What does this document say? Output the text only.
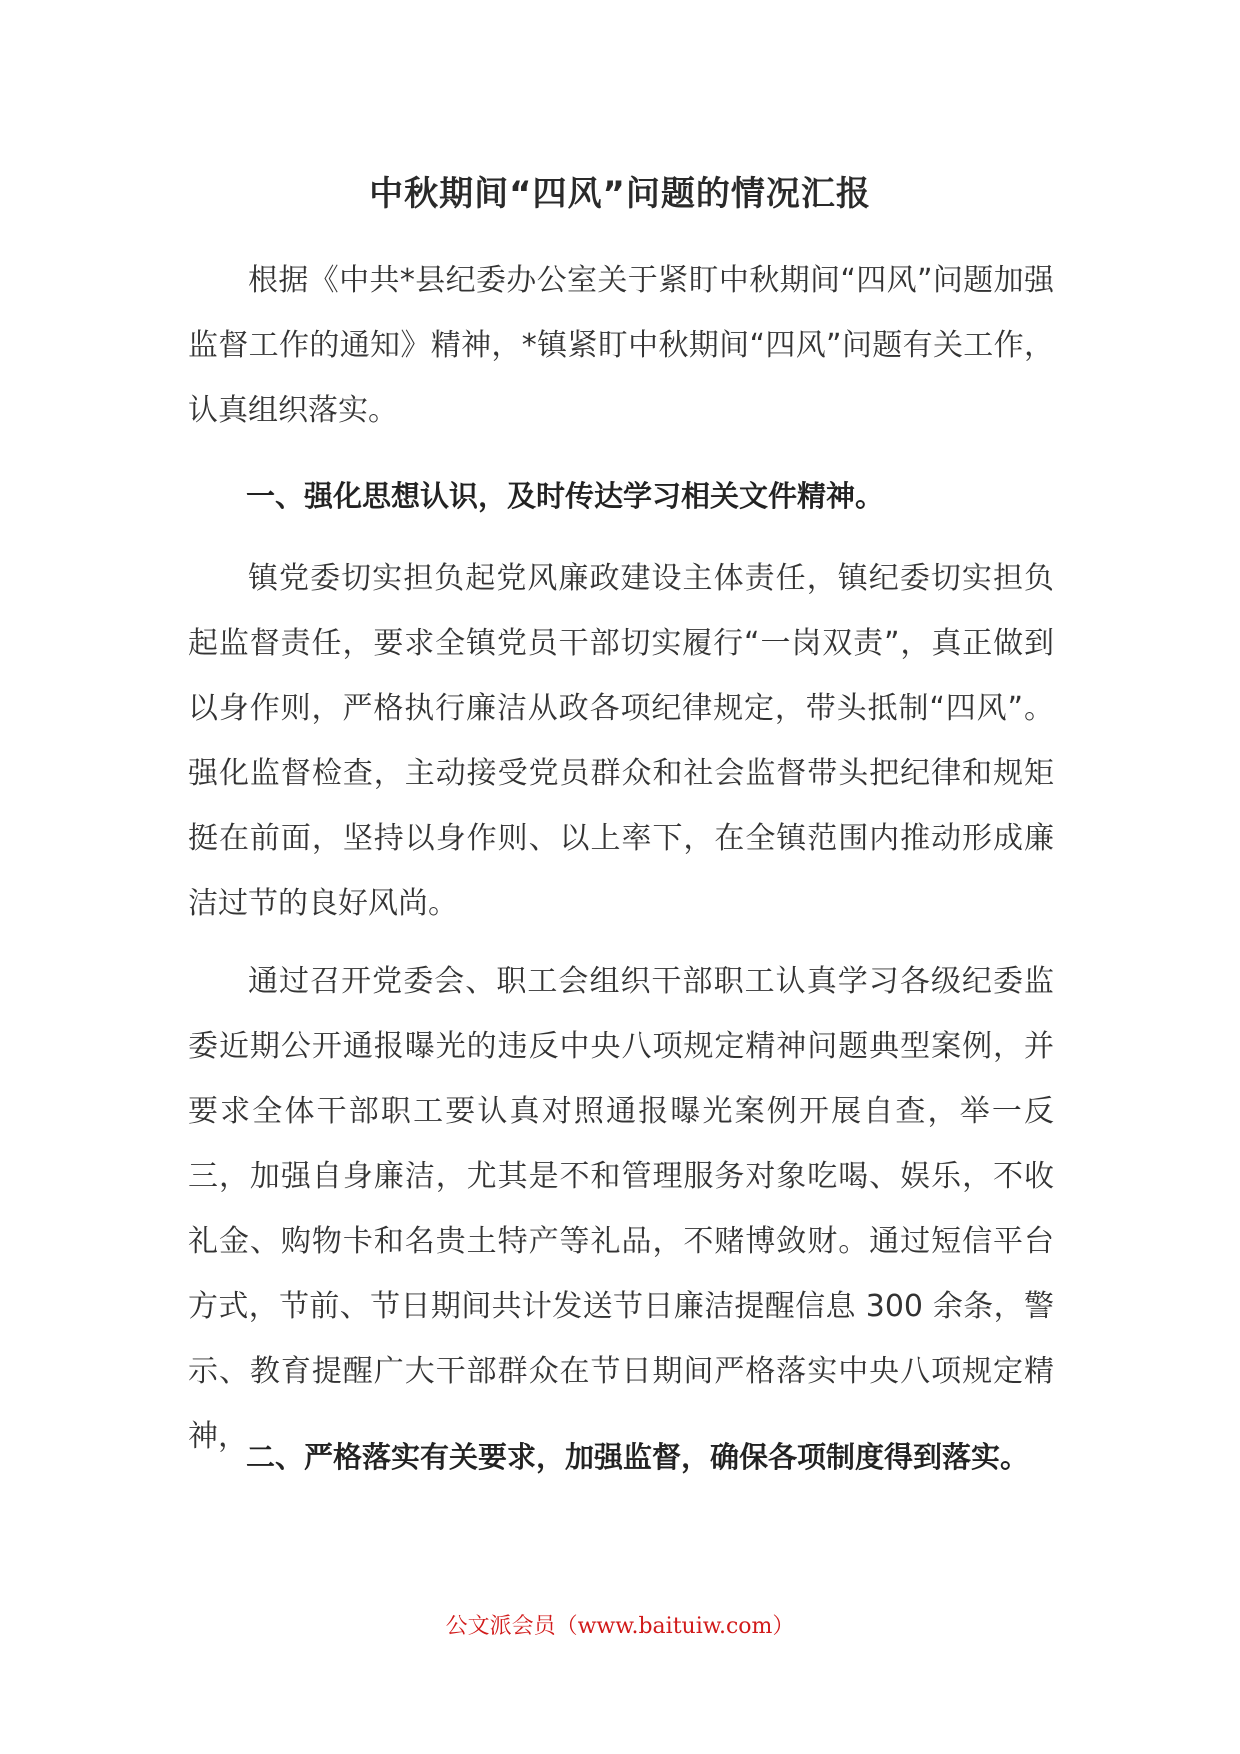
中秋期间“四风”问题的情况汇报

根据《中共*县纪委办公室关于紧盯中秋期间“四风”问题加强监督工作的通知》精神，*镇紧盯中秋期间“四风”问题有关工作，认真组织落实。

一、强化思想认识，及时传达学习相关文件精神。

镇党委切实担负起党风廉政建设主体责任，镇纪委切实担负起监督责任，要求全镇党员干部切实履行“一岗双责”，真正做到以身作则，严格执行廉洁从政各项纪律规定，带头抵制“四风”。强化监督检查，主动接受党员群众和社会监督带头把纪律和规矩挺在前面，坚持以身作则、以上率下，在全镇范围内推动形成廉洁过节的良好风尚。

通过召开党委会、职工会组织干部职工认真学习各级纪委监委近期公开通报曝光的违反中央八项规定精神问题典型案例，并要求全体干部职工要认真对照通报曝光案例开展自查，举一反三，加强自身廉洁，尤其是不和管理服务对象吃喝、娱乐，不收礼金、购物卡和名贵土特产等礼品，不赌博敛财。通过短信平台方式，节前、节日期间共计发送节日廉洁提醒信息 300 余条，警示、教育提醒广大干部群众在节日期间严格落实中央八项规定精神，

二、严格落实有关要求，加强监督，确保各项制度得到落实。

公文派会员（www.baituiw.com）
